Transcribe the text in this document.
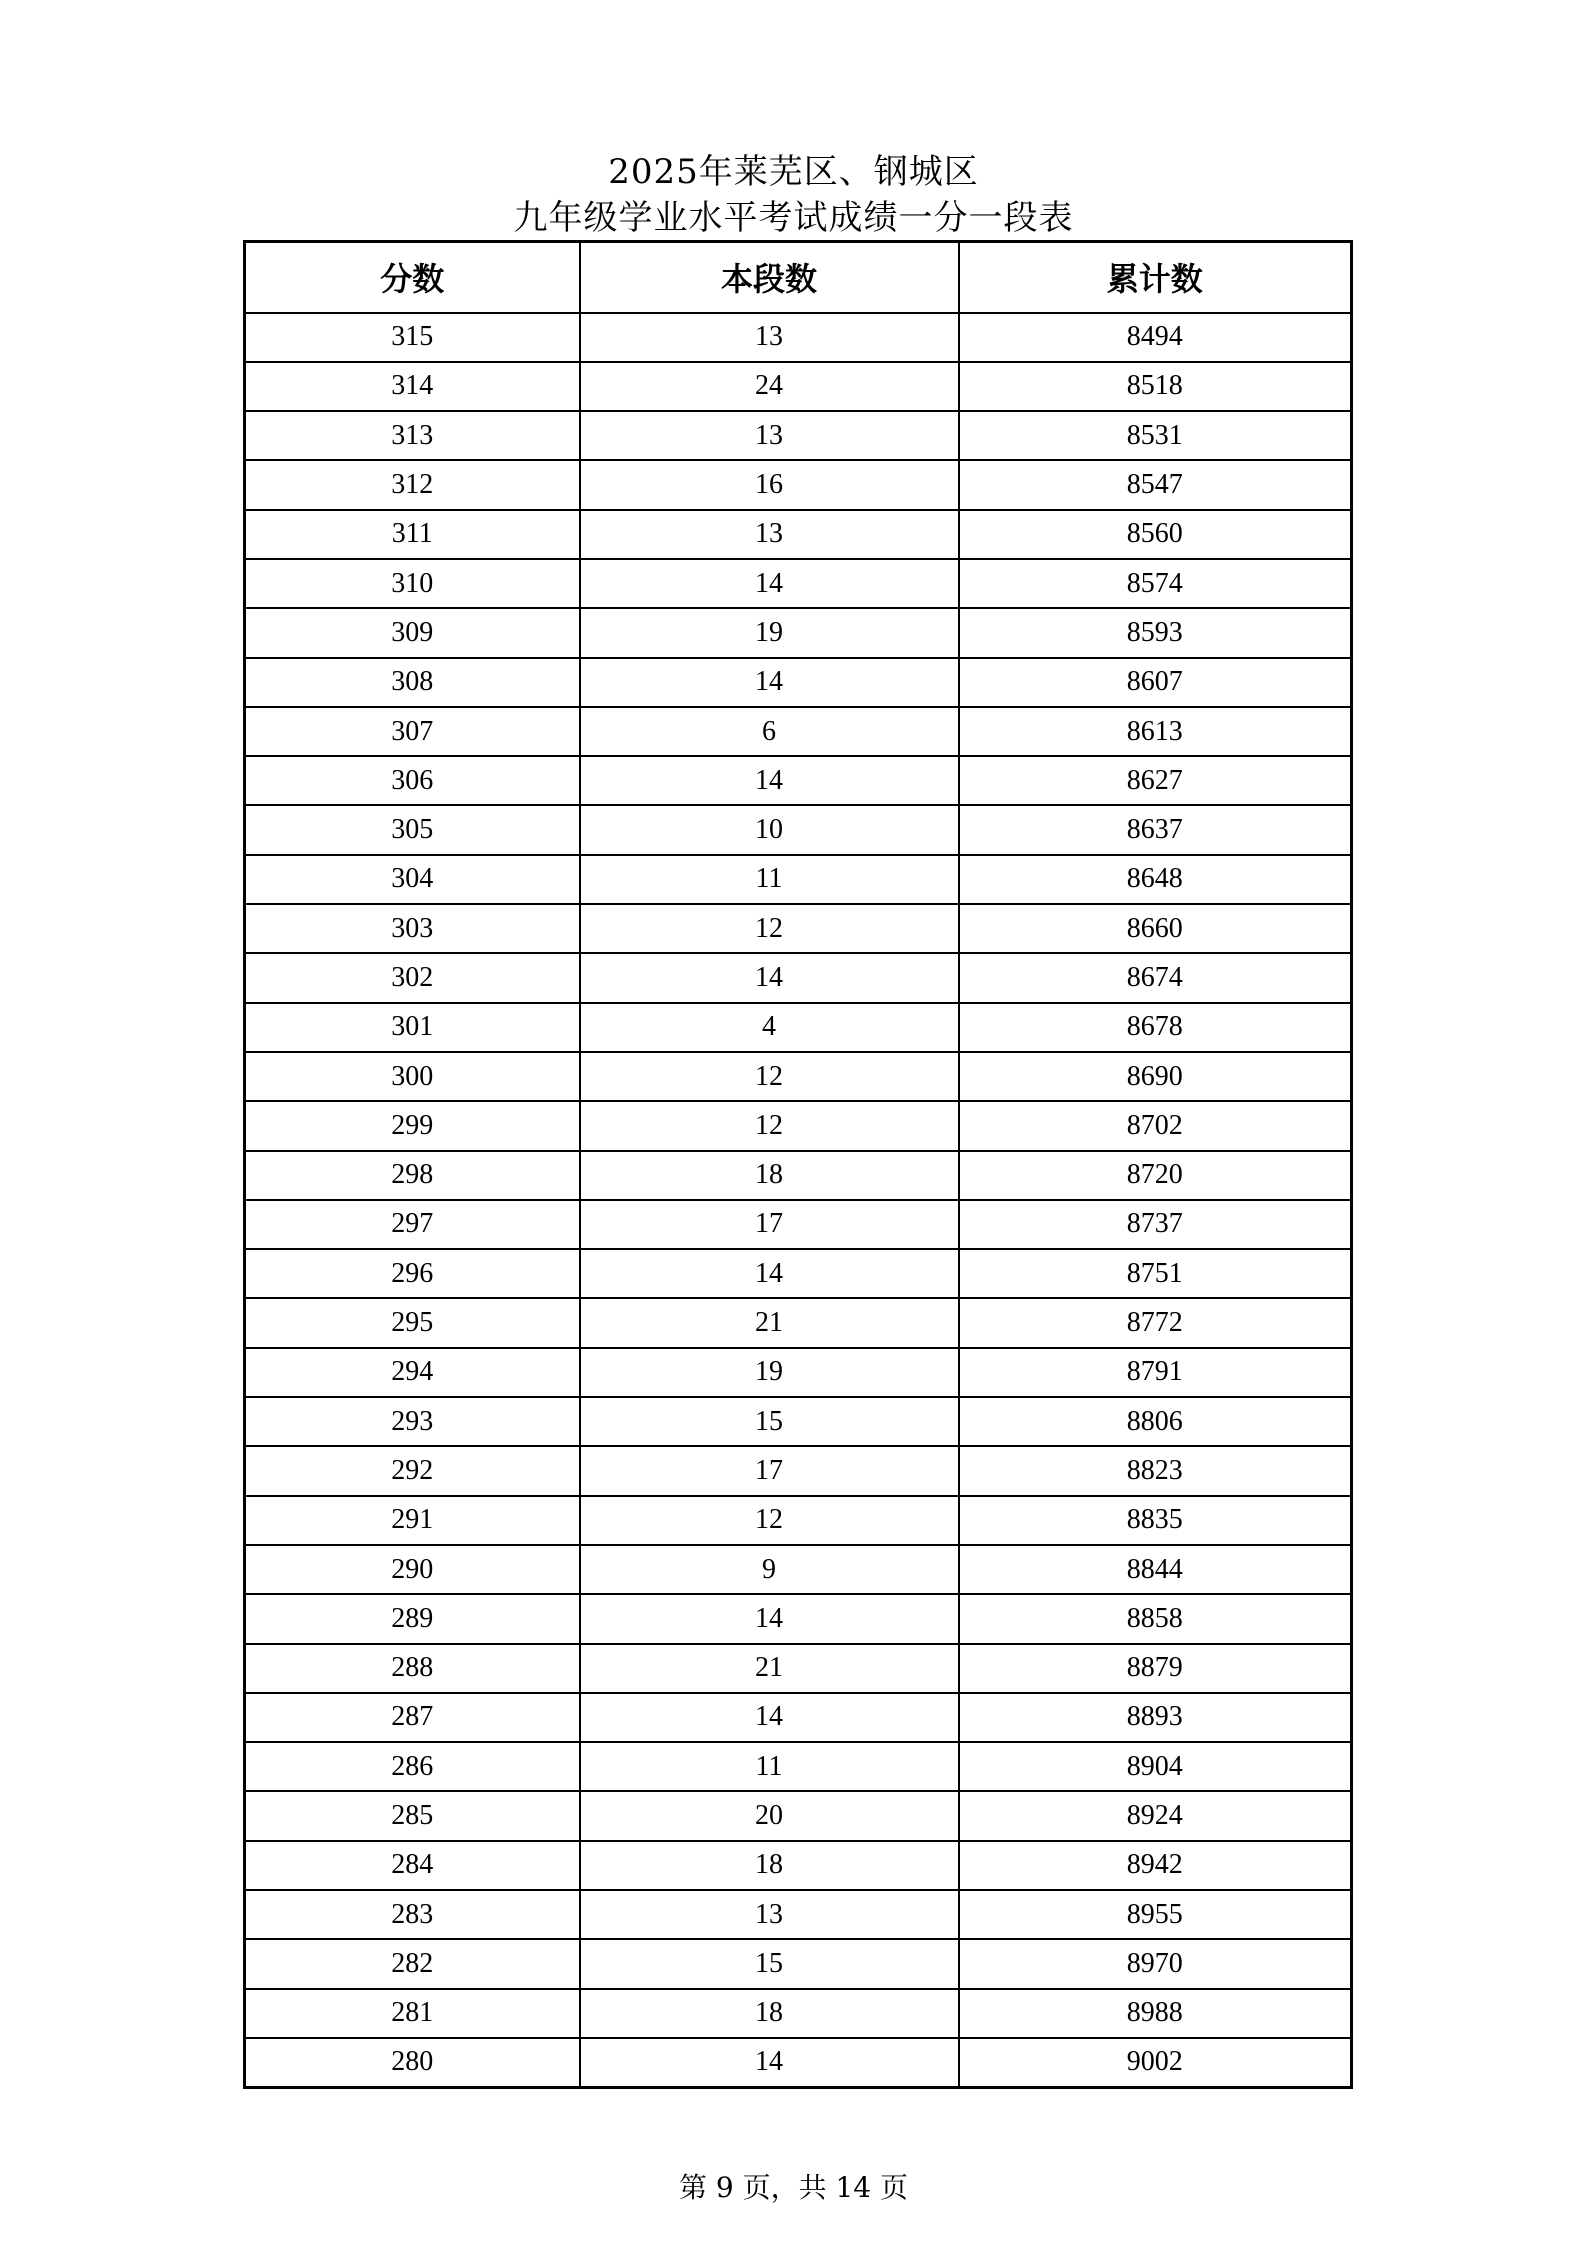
2025年莱芜区、钢城区
九年级学业水平考试成绩一分一段表
分数	本段数	累计数
315	13	8494
314	24	8518
313	13	8531
312	16	8547
311	13	8560
310	14	8574
309	19	8593
308	14	8607
307	6	8613
306	14	8627
305	10	8637
304	11	8648
303	12	8660
302	14	8674
301	4	8678
300	12	8690
299	12	8702
298	18	8720
297	17	8737
296	14	8751
295	21	8772
294	19	8791
293	15	8806
292	17	8823
291	12	8835
290	9	8844
289	14	8858
288	21	8879
287	14	8893
286	11	8904
285	20	8924
284	18	8942
283	13	8955
282	15	8970
281	18	8988
280	14	9002
第 9 页，共 14 页
